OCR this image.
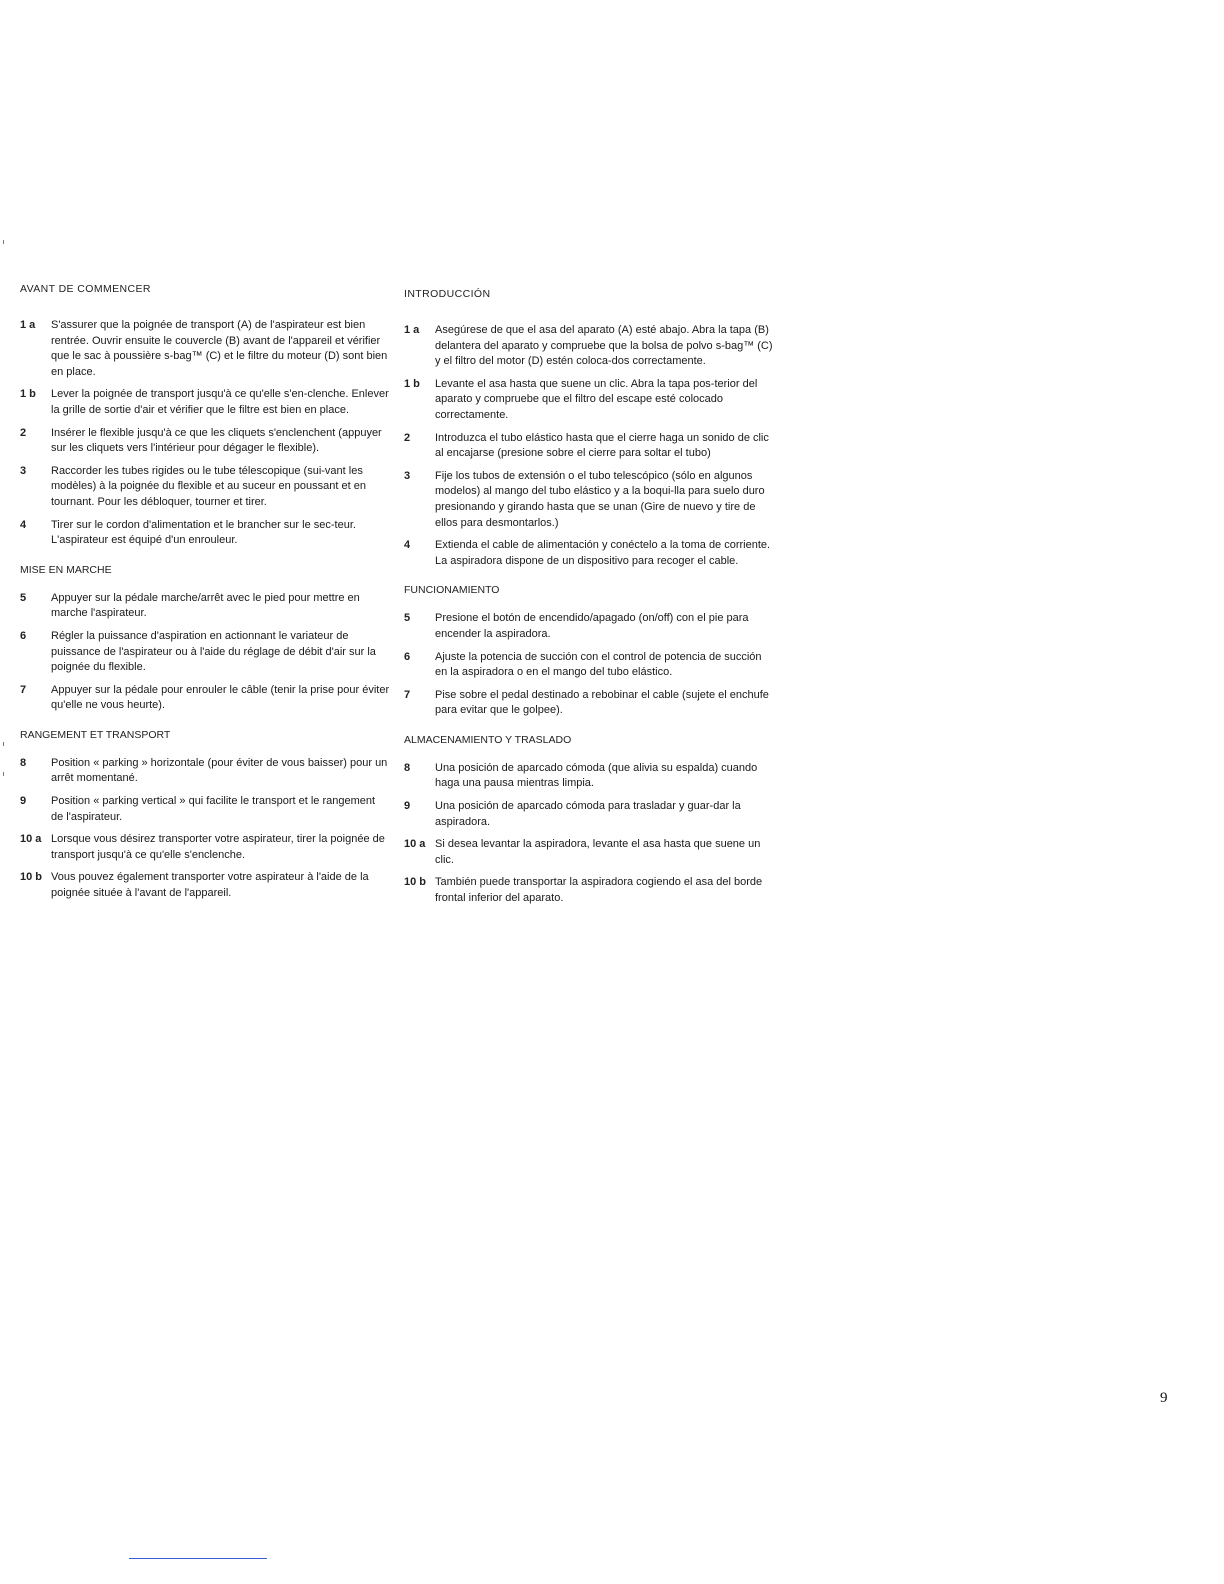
AVANT DE COMMENCER
1 a	S'assurer que la poignée de transport (A) de l'aspirateur est bien rentrée. Ouvrir ensuite le couvercle (B) avant de l'appareil et vérifier que le sac à poussière s-bag™ (C) et le filtre du moteur (D) sont bien en place.
1 b	Lever la poignée de transport jusqu'à ce qu'elle s'en-clenche. Enlever la grille de sortie d'air et vérifier que le filtre est bien en place.
2	Insérer le flexible jusqu'à ce que les cliquets s'enclenchent (appuyer sur les cliquets vers l'intérieur pour dégager le flexible).
3	Raccorder les tubes rigides ou le tube télescopique (sui-vant les modèles) à la poignée du flexible et au suceur en poussant et en tournant. Pour les débloquer, tourner et tirer.
4	Tirer sur le cordon d'alimentation et le brancher sur le sec-teur. L'aspirateur est équipé d'un enrouleur.
MISE EN MARCHE
5	Appuyer sur la pédale marche/arrêt avec le pied pour mettre en marche l'aspirateur.
6	Régler la puissance d'aspiration en actionnant le variateur de puissance de l'aspirateur ou à l'aide du réglage de débit d'air sur la poignée du flexible.
7	Appuyer sur la pédale pour enrouler le câble (tenir la prise pour éviter qu'elle ne vous heurte).
RANGEMENT ET TRANSPORT
8	Position « parking » horizontale (pour éviter de vous baisser) pour un arrêt momentané.
9	Position « parking vertical » qui facilite le transport et le rangement de l'aspirateur.
10 a Lorsque vous désirez transporter votre aspirateur, tirer la poignée de transport jusqu'à ce qu'elle s'enclenche.
10 b Vous pouvez également transporter votre aspirateur à l'aide de la poignée située à l'avant de l'appareil.
INTRODUCCIÓN
1 a	Asegúrese de que el asa del aparato (A) esté abajo. Abra la tapa (B) delantera del aparato y compruebe que la bolsa de polvo s-bag™ (C) y el filtro del motor (D) estén coloca-dos correctamente.
1 b	Levante el asa hasta que suene un clic. Abra la tapa pos-terior del aparato y compruebe que el filtro del escape esté colocado correctamente.
2	Introduzca el tubo elástico hasta que el cierre haga un sonido de clic al encajarse (presione sobre el cierre para soltar el tubo)
3	Fije los tubos de extensión o el tubo telescópico (sólo en algunos modelos) al mango del tubo elástico y a la boqui-lla para suelo duro presionando y girando hasta que se unan (Gire de nuevo y tire de ellos para desmontarlos.)
4	Extienda el cable de alimentación y conéctelo a la toma de corriente. La aspiradora dispone de un dispositivo para recoger el cable.
FUNCIONAMIENTO
5	Presione el botón de encendido/apagado (on/off) con el pie para encender la aspiradora.
6	Ajuste la potencia de succión con el control de potencia de succión en la aspiradora o en el mango del tubo elástico.
7	Pise sobre el pedal destinado a rebobinar el cable (sujete el enchufe para evitar que le golpee).
ALMACENAMIENTO Y TRASLADO
8	Una posición de aparcado cómoda (que alivia su espalda) cuando haga una pausa mientras limpia.
9	Una posición de aparcado cómoda para trasladar y guar-dar la aspiradora.
10 a Si desea levantar la aspiradora, levante el asa hasta que suene un clic.
10 b También puede transportar la aspiradora cogiendo el asa del borde frontal inferior del aparato.
9
